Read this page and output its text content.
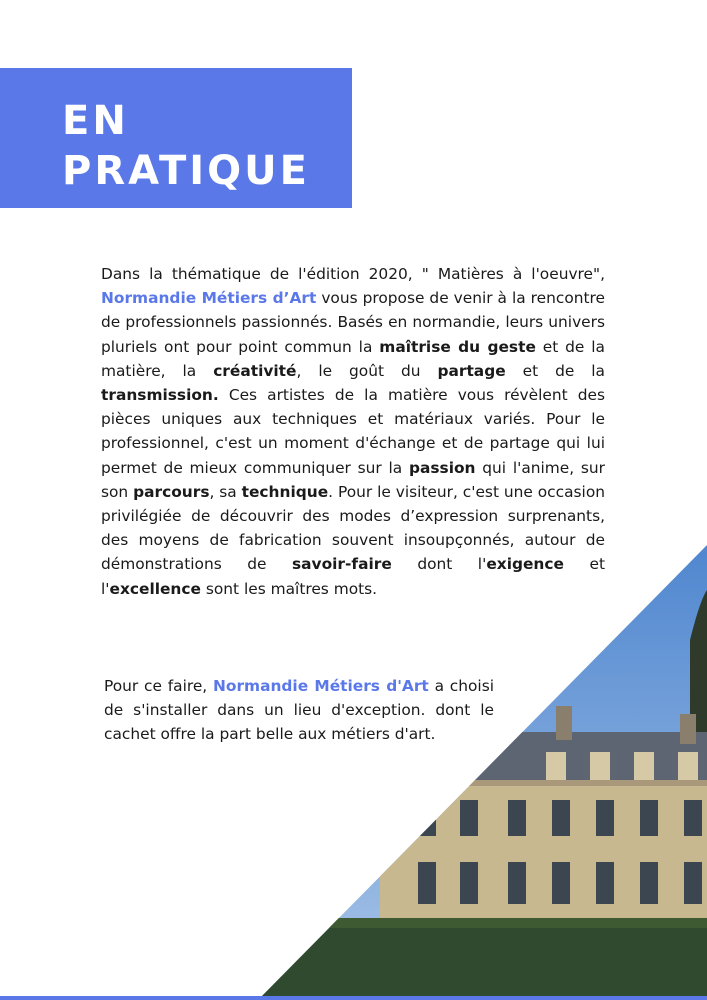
EN
PRATIQUE

Dans la thématique de l'édition 2020, " Matières à l'oeuvre", Normandie Métiers d’Art vous propose de venir à la rencontre de professionnels passionnés. Basés en normandie, leurs univers pluriels ont pour point commun la maîtrise du geste et de la matière, la créativité, le goût du partage et de la transmission. Ces artistes de la matière vous révèlent des pièces uniques aux techniques et matériaux variés. Pour le professionnel, c'est un moment d'échange et de partage qui lui permet de mieux communiquer sur la passion qui l'anime, sur son parcours, sa technique. Pour le visiteur, c'est une occasion privilégiée de découvrir des modes d’expression surprenants, des moyens de fabrication souvent insoupçonnés, autour de démonstrations de savoir-faire dont l'exigence et l'excellence sont les maîtres mots.

Pour ce faire, Normandie Métiers d'Art a choisi de s'installer dans un lieu d'exception. dont le cachet offre la part belle aux métiers d'art.
